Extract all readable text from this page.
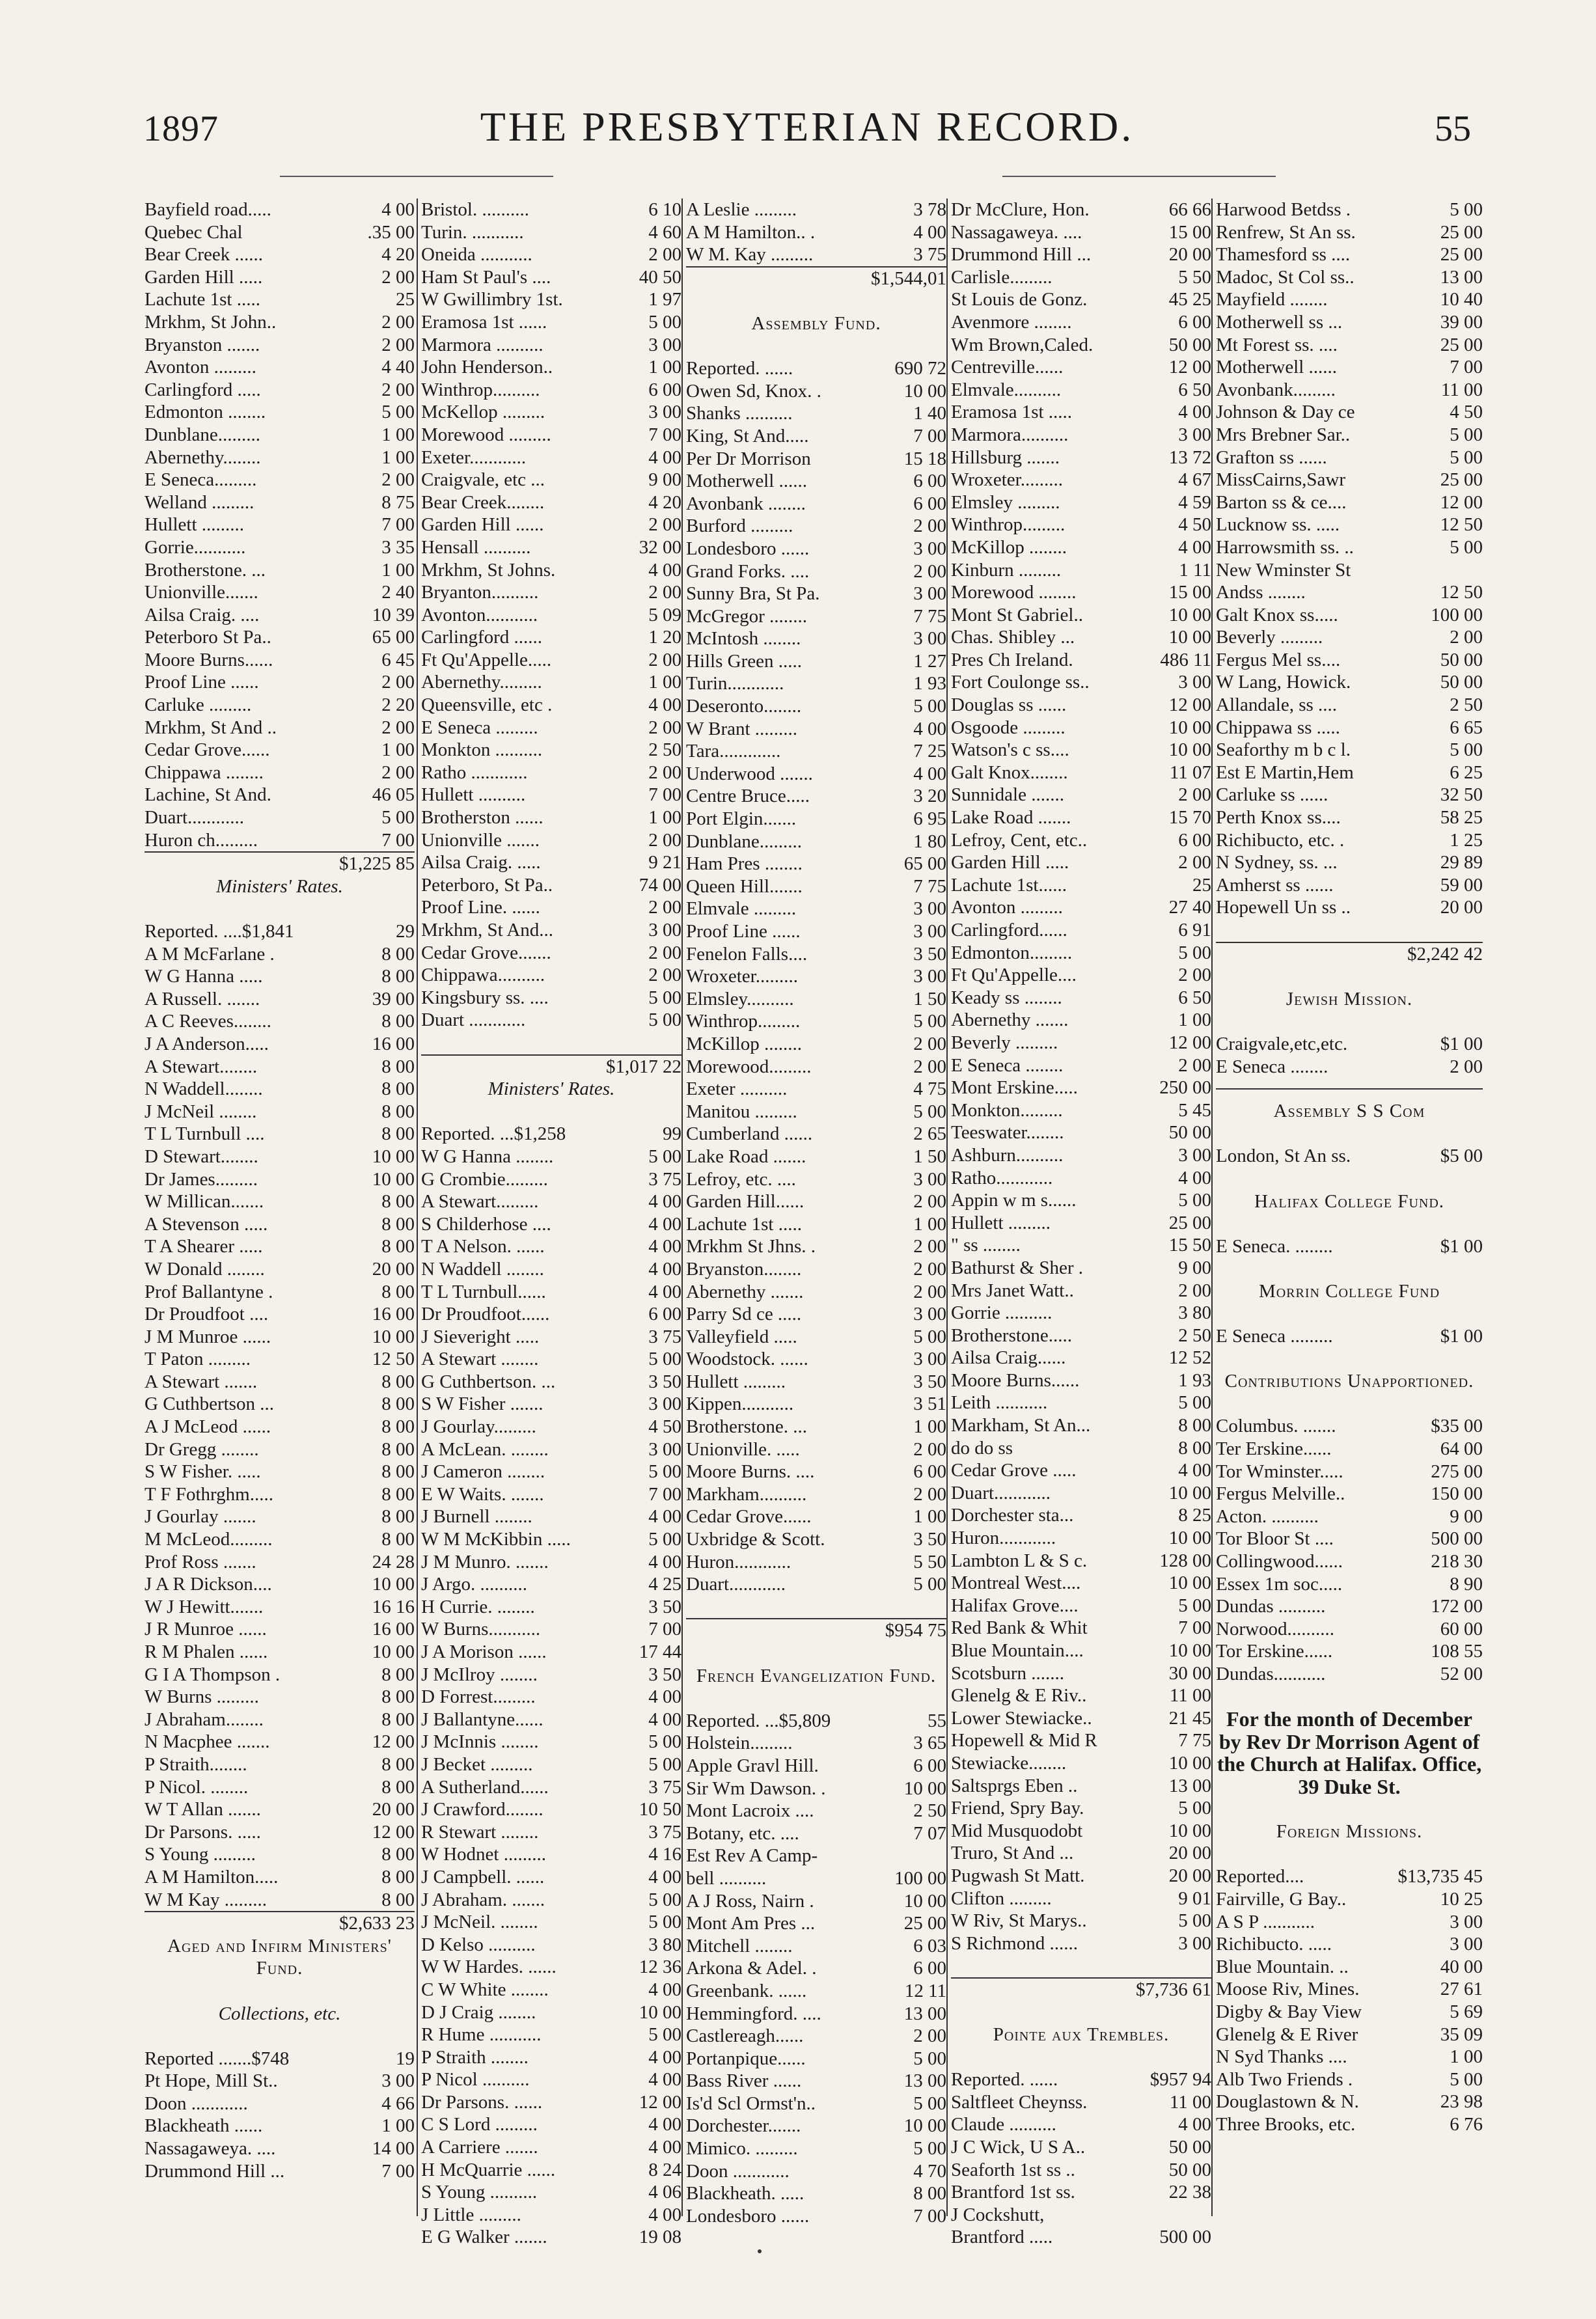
1897	THE PRESBYTERIAN RECORD.	55
Bayfield road.....	4 00
Quebec Chal	.35 00
Bear Creek ......	4 20
Garden Hill .....	2 00
Lachute 1st .....	25
Mrkhm, St John..	2 00
Bryanston .......	2 00
Avonton .........	4 40
Carlingford .....	2 00
Edmonton ........	5 00
Dunblane.........	1 00
Abernethy........	1 00
E Seneca.........	2 00
Welland .........	8 75
Hullett .........	7 00
Gorrie...........	3 35
Brotherstone. ...	1 00
Unionville.......	2 40
Ailsa Craig. ....	10 39
Peterboro St Pa..	65 00
Moore Burns......	6 45
Proof Line ......	2 00
Carluke .........	2 20
Mrkhm, St And ..	2 00
Cedar Grove......	1 00
Chippawa ........	2 00
Lachine, St And.	46 05
Duart............	5 00
Huron ch.........	7 00
$1,225 85
Ministers' Rates.
Reported. ....$1,841	29
A M McFarlane .	8 00
W G Hanna .....	8 00
A Russell. .......	39 00
A C Reeves........	8 00
J A Anderson.....	16 00
A Stewart........	8 00
N Waddell........	8 00
J McNeil ........	8 00
T L Turnbull ....	8 00
D Stewart........	10 00
Dr James.........	10 00
W Millican.......	8 00
A Stevenson .....	8 00
T A Shearer .....	8 00
W Donald ........	20 00
Prof Ballantyne .	8 00
Dr Proudfoot ....	16 00
J M Munroe ......	10 00
T Paton .........	12 50
A Stewart .......	8 00
G Cuthbertson ...	8 00
A J McLeod ......	8 00
Dr Gregg ........	8 00
S W Fisher. .....	8 00
T F Fothrghm.....	8 00
J Gourlay .......	8 00
M McLeod.........	8 00
Prof Ross .......	24 28
J A R Dickson....	10 00
W J Hewitt.......	16 16
J R Munroe ......	16 00
R M Phalen ......	10 00
G I A Thompson .	8 00
W Burns .........	8 00
J Abraham........	8 00
N Macphee .......	12 00
P Straith........	8 00
P Nicol. ........	8 00
W T Allan .......	20 00
Dr Parsons. .....	12 00
S Young .........	8 00
A M Hamilton.....	8 00
W M Kay .........	8 00
$2,633 23
Aged and Infirm Ministers' Fund.
Collections, etc.
Reported .......$748	19
Pt Hope, Mill St..	3 00
Doon ............	4 66
Blackheath ......	1 00
Nassagaweya. ....	14 00
Drummond Hill ...	7 00
Bristol. ..........	6 10
Turin. ...........	4 60
Oneida ...........	2 00
Ham St Paul's ....	40 50
W Gwillimbry 1st.	1 97
Eramosa 1st ......	5 00
Marmora ..........	3 00
John Henderson..	1 00
Winthrop..........	6 00
McKellop .........	3 00
Morewood .........	7 00
Exeter............	4 00
Craigvale, etc ...	9 00
Bear Creek........	4 20
Garden Hill ......	2 00
Hensall ..........	32 00
Mrkhm, St Johns.	4 00
Bryanton..........	2 00
Avonton...........	5 09
Carlingford ......	1 20
Ft Qu'Appelle.....	2 00
Abernethy.........	1 00
Queensville, etc .	4 00
E Seneca .........	2 00
Monkton ..........	2 50
Ratho ............	2 00
Hullett ..........	7 00
Brotherston ......	1 00
Unionville .......	2 00
Ailsa Craig. .....	9 21
Peterboro, St Pa..	74 00
Proof Line. ......	2 00
Mrkhm, St And...	3 00
Cedar Grove.......	2 00
Chippawa..........	2 00
Kingsbury ss. ....	5 00
Duart ............	5 00
$1,017 22
Ministers' Rates.
Reported. ...$1,258	99
W G Hanna ........	5 00
G Crombie.........	3 75
A Stewart.........	4 00
S Childerhose ....	4 00
T A Nelson. ......	4 00
N Waddell ........	4 00
T L Turnbull......	4 00
Dr Proudfoot......	6 00
J Sieveright .....	3 75
A Stewart ........	5 00
G Cuthbertson. ...	3 50
S W Fisher .......	3 00
J Gourlay.........	4 50
A McLean. ........	3 00
J Cameron ........	5 00
E W Waits. .......	7 00
J Burnell ........	4 00
W M McKibbin .....	5 00
J M Munro. .......	4 00
J Argo. ..........	4 25
H Currie. ........	3 50
W Burns...........	7 00
J A Morison ......	17 44
J McIlroy ........	3 50
D Forrest.........	4 00
J Ballantyne......	4 00
J McInnis ........	5 00
J Becket .........	5 00
A Sutherland......	3 75
J Crawford........	10 50
R Stewart ........	3 75
W Hodnet .........	4 16
J Campbell. ......	4 00
J Abraham. .......	5 00
J McNeil. ........	5 00
D Kelso ..........	3 80
W W Hardes. ......	12 36
C W White ........	4 00
D J Craig ........	10 00
R Hume ...........	5 00
P Straith ........	4 00
P Nicol ..........	4 00
Dr Parsons. ......	12 00
C S Lord .........	4 00
A Carriere .......	4 00
H McQuarrie ......	8 24
S Young ..........	4 06
J Little .........	4 00
E G Walker .......	19 08
A Leslie .........	3 78
A M Hamilton.. .	4 00
W M. Kay .........	3 75
$1,544,01
Assembly Fund.
Reported. ......	690 72
Owen Sd, Knox. .	10 00
Shanks ..........	1 40
King, St And.....	7 00
Per Dr Morrison	15 18
Motherwell ......	6 00
Avonbank ........	6 00
Burford .........	2 00
Londesboro ......	3 00
Grand Forks. ....	2 00
Sunny Bra, St Pa.	3 00
McGregor ........	7 75
McIntosh ........	3 00
Hills Green .....	1 27
Turin............	1 93
Deseronto........	5 00
W Brant .........	4 00
Tara.............	7 25
Underwood .......	4 00
Centre Bruce.....	3 20
Port Elgin.......	6 95
Dunblane.........	1 80
Ham Pres ........	65 00
Queen Hill.......	7 75
Elmvale .........	3 00
Proof Line ......	3 00
Fenelon Falls....	3 50
Wroxeter.........	3 00
Elmsley..........	1 50
Winthrop.........	5 00
McKillop ........	2 00
Morewood.........	2 00
Exeter ..........	4 75
Manitou .........	5 00
Cumberland ......	2 65
Lake Road .......	1 50
Lefroy, etc. ....	3 00
Garden Hill......	2 00
Lachute 1st .....	1 00
Mrkhm St Jhns. .	2 00
Bryanston........	2 00
Abernethy .......	2 00
Parry Sd ce .....	3 00
Valleyfield .....	5 00
Woodstock. ......	3 00
Hullett .........	3 50
Kippen...........	3 51
Brotherstone. ...	1 00
Unionville. .....	2 00
Moore Burns. ....	6 00
Markham..........	2 00
Cedar Grove......	1 00
Uxbridge & Scott.	3 50
Huron............	5 50
Duart............	5 00
$954 75
French Evangelization Fund.
Reported. ...$5,809	55
Holstein.........	3 65
Apple Gravl Hill.	6 00
Sir Wm Dawson. .	10 00
Mont Lacroix ....	2 50
Botany, etc. ....	7 07
Est Rev A Camp-
bell ..........	100 00
A J Ross, Nairn .	10 00
Mont Am Pres ...	25 00
Mitchell ........	6 03
Arkona & Adel. .	6 00
Greenbank. ......	12 11
Hemmingford. ....	13 00
Castlereagh......	2 00
Portanpique......	5 00
Bass River ......	13 00
Is'd Scl Ormst'n..	5 00
Dorchester.......	10 00
Mimico. .........	5 00
Doon ............	4 70
Blackheath. .....	8 00
Londesboro ......	7 00
Dr McClure, Hon.	66 66
Nassagaweya. ....	15 00
Drummond Hill ...	20 00
Carlisle.........	5 50
St Louis de Gonz.	45 25
Avenmore ........	6 00
Wm Brown,Caled.	50 00
Centreville......	12 00
Elmvale..........	6 50
Eramosa 1st .....	4 00
Marmora..........	3 00
Hillsburg .......	13 72
Wroxeter.........	4 67
Elmsley .........	4 59
Winthrop.........	4 50
McKillop ........	4 00
Kinburn .........	1 11
Morewood ........	15 00
Mont St Gabriel..	10 00
Chas. Shibley ...	10 00
Pres Ch Ireland.	486 11
Fort Coulonge ss..	3 00
Douglas ss ......	12 00
Osgoode .........	10 00
Watson's c ss....	10 00
Galt Knox........	11 07
Sunnidale .......	2 00
Lake Road .......	15 70
Lefroy, Cent, etc..	6 00
Garden Hill .....	2 00
Lachute 1st......	25
Avonton .........	27 40
Carlingford......	6 91
Edmonton.........	5 00
Ft Qu'Appelle....	2 00
Keady ss ........	6 50
Abernethy .......	1 00
Beverly .........	12 00
E Seneca ........	2 00
Mont Erskine.....	250 00
Monkton.........	5 45
Teeswater........	50 00
Ashburn..........	3 00
Ratho............	4 00
Appin w m s......	5 00
Hullett .........	25 00
" ss ........	15 50
Bathurst & Sher .	9 00
Mrs Janet Watt..	2 00
Gorrie ..........	3 80
Brotherstone.....	2 50
Ailsa Craig......	12 52
Moore Burns......	1 93
Leith ...........	5 00
Markham, St An...	8 00
do do ss	8 00
Cedar Grove .....	4 00
Duart............	10 00
Dorchester sta...	8 25
Huron............	10 00
Lambton L & S c.	128 00
Montreal West....	10 00
Halifax Grove....	5 00
Red Bank & Whit	7 00
Blue Mountain....	10 00
Scotsburn .......	30 00
Glenelg & E Riv..	11 00
Lower Stewiacke..	21 45
Hopewell & Mid R	7 75
Stewiacke........	10 00
Saltsprgs Eben ..	13 00
Friend, Spry Bay.	5 00
Mid Musquodobt	10 00
Truro, St And ...	20 00
Pugwash St Matt.	20 00
Clifton .........	9 01
W Riv, St Marys..	5 00
S Richmond ......	3 00
$7,736 61
Pointe aux Trembles.
Reported. ......	$957 94
Saltfleet Cheynss.	11 00
Claude ..........	4 00
J C Wick, U S A..	50 00
Seaforth 1st ss ..	50 00
Brantford 1st ss.	22 38
J Cockshutt,
Brantford .....	500 00
Harwood Betdss .	5 00
Renfrew, St An ss.	25 00
Thamesford ss ....	25 00
Madoc, St Col ss..	13 00
Mayfield ........	10 40
Motherwell ss ...	39 00
Mt Forest ss. ....	25 00
Motherwell ......	7 00
Avonbank.........	11 00
Johnson & Day ce	4 50
Mrs Brebner Sar..	5 00
Grafton ss ......	5 00
MissCairns,Sawr	25 00
Barton ss & ce....	12 00
Lucknow ss. .....	12 50
Harrowsmith ss. ..	5 00
New Wminster St
Andss ........	12 50
Galt Knox ss.....	100 00
Beverly .........	2 00
Fergus Mel ss....	50 00
W Lang, Howick.	50 00
Allandale, ss ....	2 50
Chippawa ss .....	6 65
Seaforthy m b c l.	5 00
Est E Martin,Hem	6 25
Carluke ss ......	32 50
Perth Knox ss....	58 25
Richibucto, etc. .	1 25
N Sydney, ss. ...	29 89
Amherst ss ......	59 00
Hopewell Un ss ..	20 00
$2,242 42
Jewish Mission.
Craigvale,etc,etc.	$1 00
E Seneca ........	2 00
Assembly S S Com
London, St An ss.	$5 00
Halifax College Fund.
E Seneca. ........	$1 00
Morrin College Fund
E Seneca .........	$1 00
Contributions Unapportioned.
Columbus. .......	$35 00
Ter Erskine......	64 00
Tor Wminster.....	275 00
Fergus Melville..	150 00
Acton. ..........	9 00
Tor Bloor St ....	500 00
Collingwood......	218 30
Essex 1m soc.....	8 90
Dundas ..........	172 00
Norwood..........	60 00
Tor Erskine......	108 55
Dundas...........	52 00
For the month of December by Rev Dr Morrison Agent of the Church at Halifax. Office, 39 Duke St.
Foreign Missions.
Reported....	$13,735 45
Fairville, G Bay..	10 25
A S P ...........	3 00
Richibucto. .....	3 00
Blue Mountain. ..	40 00
Moose Riv, Mines.	27 61
Digby & Bay View	5 69
Glenelg & E River	35 09
N Syd Thanks ....	1 00
Alb Two Friends .	5 00
Douglastown & N.	23 98
Three Brooks, etc.	6 76
